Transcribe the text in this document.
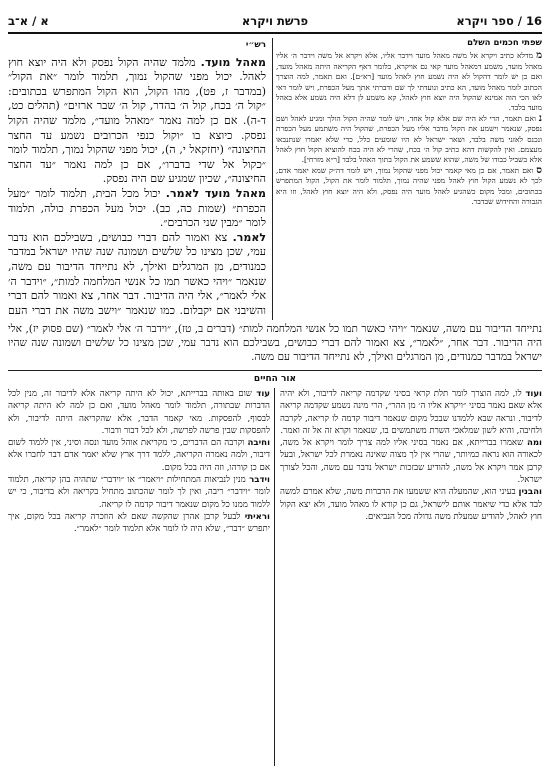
16 / ספר ויקרא
פרשת ויקרא
א / א־ב
שפתי חכמים השלם

מ מדלא כתיב ויקרא אל משה מאהל מועד וידבר אליו, אלא ויקרא אל משה וידבר ה׳ אליו מאהל מועד, משמע דמאהל מועד קאי גם אויקרא, כלומר דאף הקריאה היתה מאהל מועד, ואם כן יש לומר דהקול לא היה נשמע חוץ לאהל מועד [רא״ם]. ואם תאמר, למה הוצרך הכתוב לומר מאהל מועד, הא כתיב ונועדתי לך שם ודברתי אתך מעל הכפרת, ויש לומר דאי לאו הכי הוה אמינא שהקול היה יוצא חוץ לאהל, קא משמע לן דלא היה נשמע אלא באהל מועד בלבד.

נ ואם תאמר, הרי לא היה שם אלא קול אחד, ויש לומר שהיה הקול הולך ומגיע לאהל ושם נפסק, שנאמר וישמע את הקול מדבר אליו מעל הכפרת, שהקול היה משתמע מעל הכפרת ונכנס לאזני משה בלבד, ושאר ישראל לא היו שומעים כלל, כדי שלא יאמרו שנתנבאו מעצמם. ואין להקשות דהא כתיב קול ה׳ בכח, שהרי לא היה בכח להוציא הקול חוץ לאהל אלא בשביל כבודו של משה, שהוא ששמע את הקול בתוך האהל בלבד [ר״א מזרחי].

ס ואם תאמר, אם כן מאי קאמר יכול מפני שהקול נמוך, ויש לומר דה״ק שמא יאמר אדם, לכך לא נשמע הקול חוץ לאהל מפני שהיה נמוך, תלמוד לומר את הקול, הקול המתפרש בכתובים, ומכל מקום כשהגיע לאהל מועד היה נפסק, ולא היה יוצא חוץ לאהל, וזו היא הגבורה והחידוש שבדבר.

רש״י

מאהל מועד. מלמד שהיה הקול נפסק ולא היה יוצא חוץ לאהל. יכול מפני שהקול נמוך, תלמוד לומר ״את הקול״ (במדבר ז, פט), מהו הקול, הוא הקול המתפרש בכתובים: ״קול ה׳ בכח, קול ה׳ בהדר, קול ה׳ שבר ארזים״ (תהלים כט, ד-ה). אם כן למה נאמר ״מאהל מועד״, מלמד שהיה הקול נפסק. כיוצא בו ״וקול כנפי הכרובים נשמע עד החצר החיצונה״ (יחזקאל י, ה), יכול מפני שהקול נמוך, תלמוד לומר ״כקול אל שדי בדברו״, אם כן למה נאמר ״עד החצר החיצונה״, שכיון שמגיע שם היה נפסק.

מאהל מועד לאמר. יכול מכל הבית, תלמוד לומר ״מעל הכפרת״ (שמות כה, כב). יכול מעל הכפרת כולה, תלמוד לומר ״מבין שני הכרבים״.

לאמר. צא ואמור להם דברי כבושים, בשבילכם הוא נדבר עמי, שכן מצינו כל שלשים ושמונה שנה שהיו ישראל במדבר כמנודים, מן המרגלים ואילך, לא נתייחד הדיבור עם משה, שנאמר ״ויהי כאשר תמו כל אנשי המלחמה למות״, ״וידבר ה׳ אלי לאמר״, אלי היה הדיבור. דבר אחר, צא ואמור להם דברי והשיבני אם יקבלום. כמו שנאמר ״וישב משה את דברי העם

נתייחד הדיבור עם משה, שנאמר ״ויהי כאשר תמו כל אנשי המלחמה למות״ (דברים ב, טז), ״וידבר ה׳ אלי לאמר״ (שם פסוק יז), אלי היה הדיבור. דבר אחר, ״לאמר״, צא ואמור להם דברי כבושים, בשבילכם הוא נדבר עמי, שכן מצינו כל שלשים ושמונה שנה שהיו ישראל במדבר כמנודים, מן המרגלים ואילך, לא נתייחד הדיבור עם משה.
אור החיים

ועוד לו, למה הוצרך לומר תלת קראי בסיני שקדמה קריאה לדיבור, ולא יהיה אלא שאם נאמר בסיני ״ויקרא אליו ה׳ מן ההר״, הרי מינה נשמע שקדמה קריאה לדיבור. ונראה שבא ללמדנו שבכל מקום שנאמר דיבור קדמה לו קריאה, לקרבה ולחיבה, והיא לשון שמלאכי השרת משתמשים בו, שנאמר וקרא זה אל זה ואמר.

ומה שאמרו בברייתא, אם נאמר בסיני אליו למה צריך לומר ויקרא אל משה, לכאורה הוא נראה כמיותר, שהרי אין לך מצוה שאינה נאמרת לכל ישראל, ובעל קרבן אמר ויקרא אל משה, להודיע שבזכות ישראל נדבר עם משה, והכל לצורך ישראל.

והבנין בעיני הוא, שהמעלה היא ששמעו את הדברות משה, שלא אמרם למשה לבד אלא כדי שיאמר אותם לישראל, גם כן קורא לו מאהל מועד, ולא יצא הקול חוץ לאהל, להודיע שמעלת משה גדולה מכל הנביאים.

עוד שום באותה בברייתא, יכול לא היתה קריאה אלא לדיבור זה, מנין לכל הדברות שבתורה, תלמוד לומר מאהל מועד, ואם כן למה לא היתה קריאה לבסוף, להפסקות. מאי קאמר הדבר, אלא שהקריאה היתה לדיבור, ולא להפסקות שבין פרשה לפרשה, ולא לכל דבור ודבור.

וחיבה וקרבה הם הדברים, כי מקריאת אוהל מועד ונסה וסיני, אין ללמוד לשום דיבור, ולמה נאמרה הקריאה, ללמד דרך ארץ שלא יאמר אדם דבר לחברו אלא אם כן קורהו, וזה היה בכל מקום.

וידבר מנין לנביאות המתחילות ״ויאמר״ או ״וידבר״ שתהיה בהן קריאה, תלמוד לומר ״וידבר״ ריבה, ואין לך לומר שהכתוב מתחיל בקריאה ולא בדיבור, כי יש ללמוד ממנו כל מקום שנאמר דיבור קדמה לו קריאה.

וראיתי לבעל קרבן אהרן שהקשה שאם לא הוזכרה קריאה בכל מקום, איך יתפרש ״דבר״, שלא היה לו לומר אלא תלמוד לומר ״לאמר״.
